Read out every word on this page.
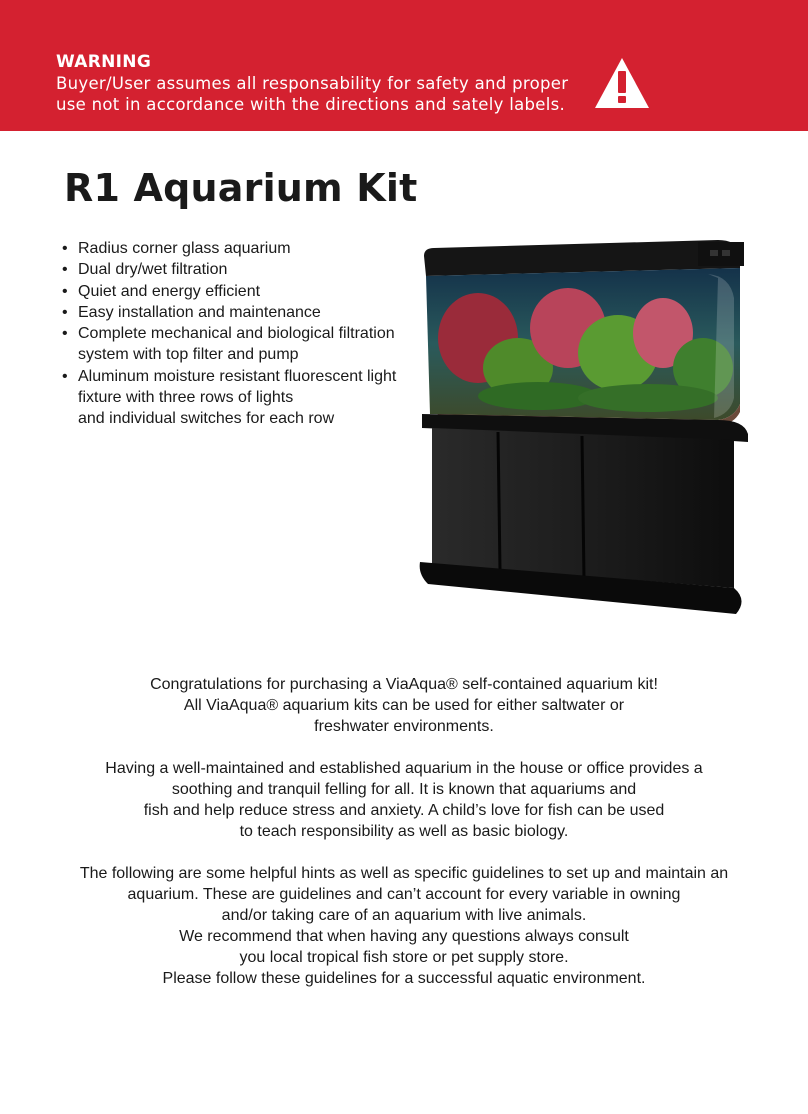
WARNING

Buyer/User assumes all responsability for safety and proper
use not in accordance with the directions and sately labels.

R1 Aquarium Kit
• Radius corner glass aquarium
• Dual dry/wet filtration
• Quiet and energy efficient
• Easy installation and maintenance
• Complete mechanical and biological filtration
system with top filter and pump
• Aluminum moisture resistant fluorescent light
fixture with three rows of lights
and individual switches for each row

Congratulations for purchasing a ViaAqua® self-contained aquarium kit!
All ViaAqua® aquarium kits can be used for either saltwater or
freshwater environments.

Having a well-maintained and established aquarium in the house or office provides a
soothing and tranquil felling for all. It is known that aquariums and
fish and help reduce stress and anxiety. A child’s love for fish can be used
to teach responsibility as well as basic biology.

The following are some helpful hints as well as specific guidelines to set up and maintain an
aquarium. These are guidelines and can’t account for every variable in owning
and/or taking care of an aquarium with live animals.
We recommend that when having any questions always consult
you local tropical fish store or pet supply store.
Please follow these guidelines for a successful aquatic environment.
